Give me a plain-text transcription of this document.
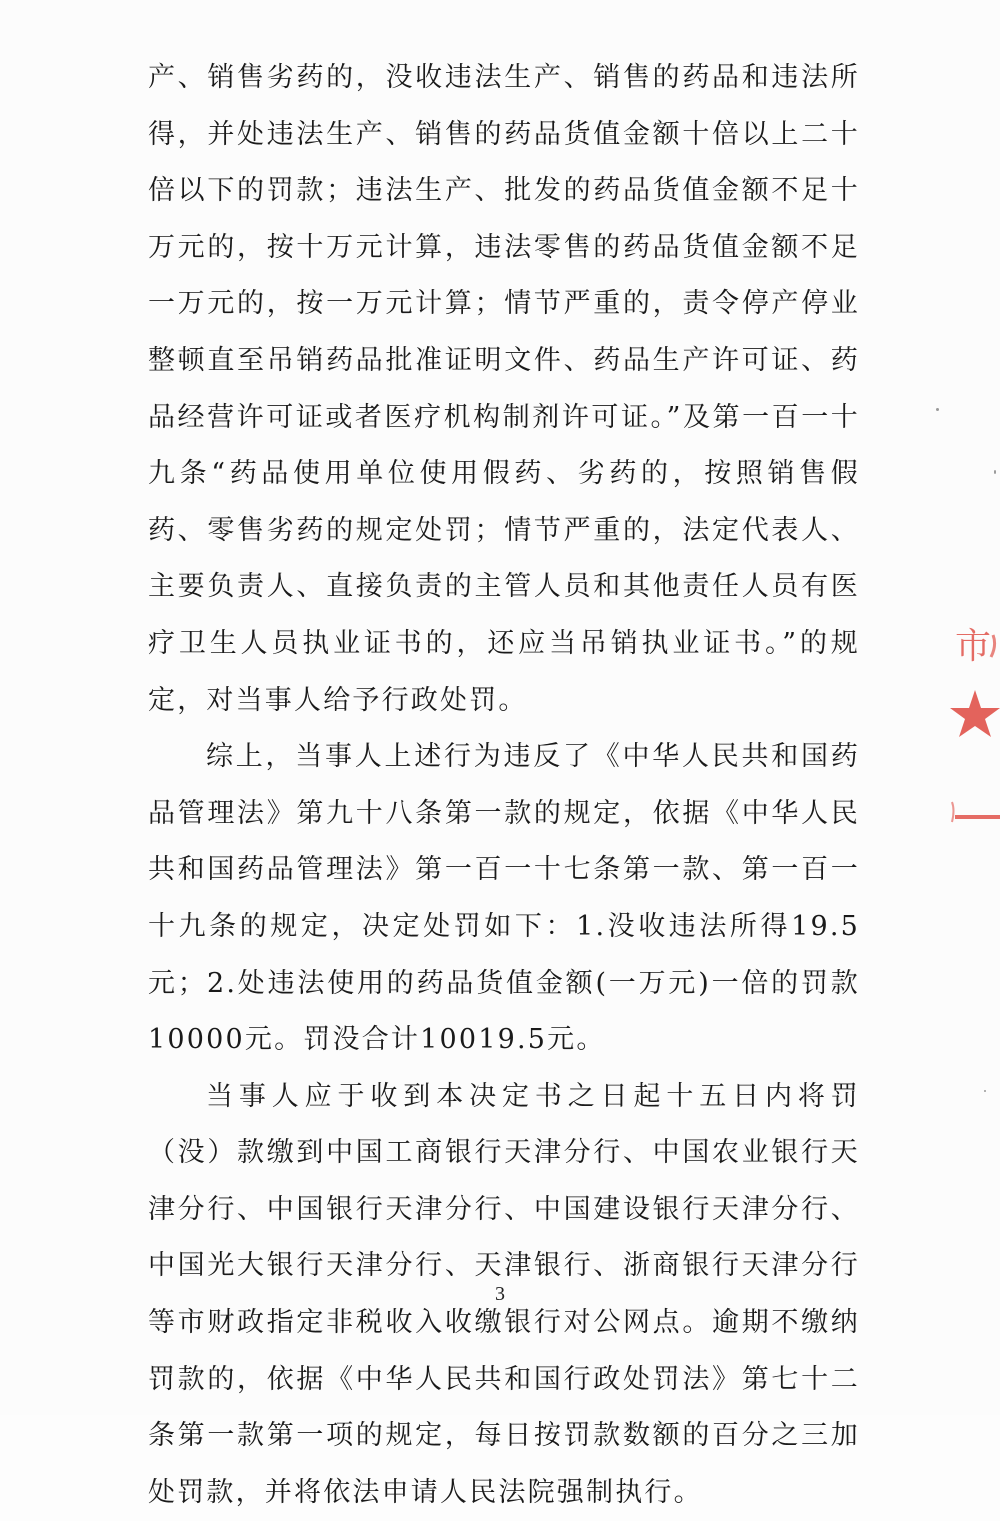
产、销售劣药的，没收违法生产、销售的药品和违法所得，并处违法生产、销售的药品货值金额十倍以上二十倍以下的罚款；违法生产、批发的药品货值金额不足十万元的，按十万元计算，违法零售的药品货值金额不足一万元的，按一万元计算；情节严重的，责令停产停业整顿直至吊销药品批准证明文件、药品生产许可证、药品经营许可证或者医疗机构制剂许可证。”及第一百一十九条“药品使用单位使用假药、劣药的，按照销售假药、零售劣药的规定处罚；情节严重的，法定代表人、主要负责人、直接负责的主管人员和其他责任人员有医疗卫生人员执业证书的，还应当吊销执业证书。”的规定，对当事人给予行政处罚。

综上，当事人上述行为违反了《中华人民共和国药品管理法》第九十八条第一款的规定，依据《中华人民共和国药品管理法》第一百一十七条第一款、第一百一十九条的规定，决定处罚如下：1.没收违法所得19.5元；2.处违法使用的药品货值金额(一万元)一倍的罚款10000元。罚没合计10019.5元。

当事人应于收到本决定书之日起十五日内将罚（没）款缴到中国工商银行天津分行、中国农业银行天津分行、中国银行天津分行、中国建设银行天津分行、中国光大银行天津分行、天津银行、浙商银行天津分行等市财政指定非税收入收缴银行对公网点。逾期不缴纳罚款的，依据《中华人民共和国行政处罚法》第七十二条第一款第一项的规定，每日按罚款数额的百分之三加处罚款，并将依法申请人民法院强制执行。

3
市
